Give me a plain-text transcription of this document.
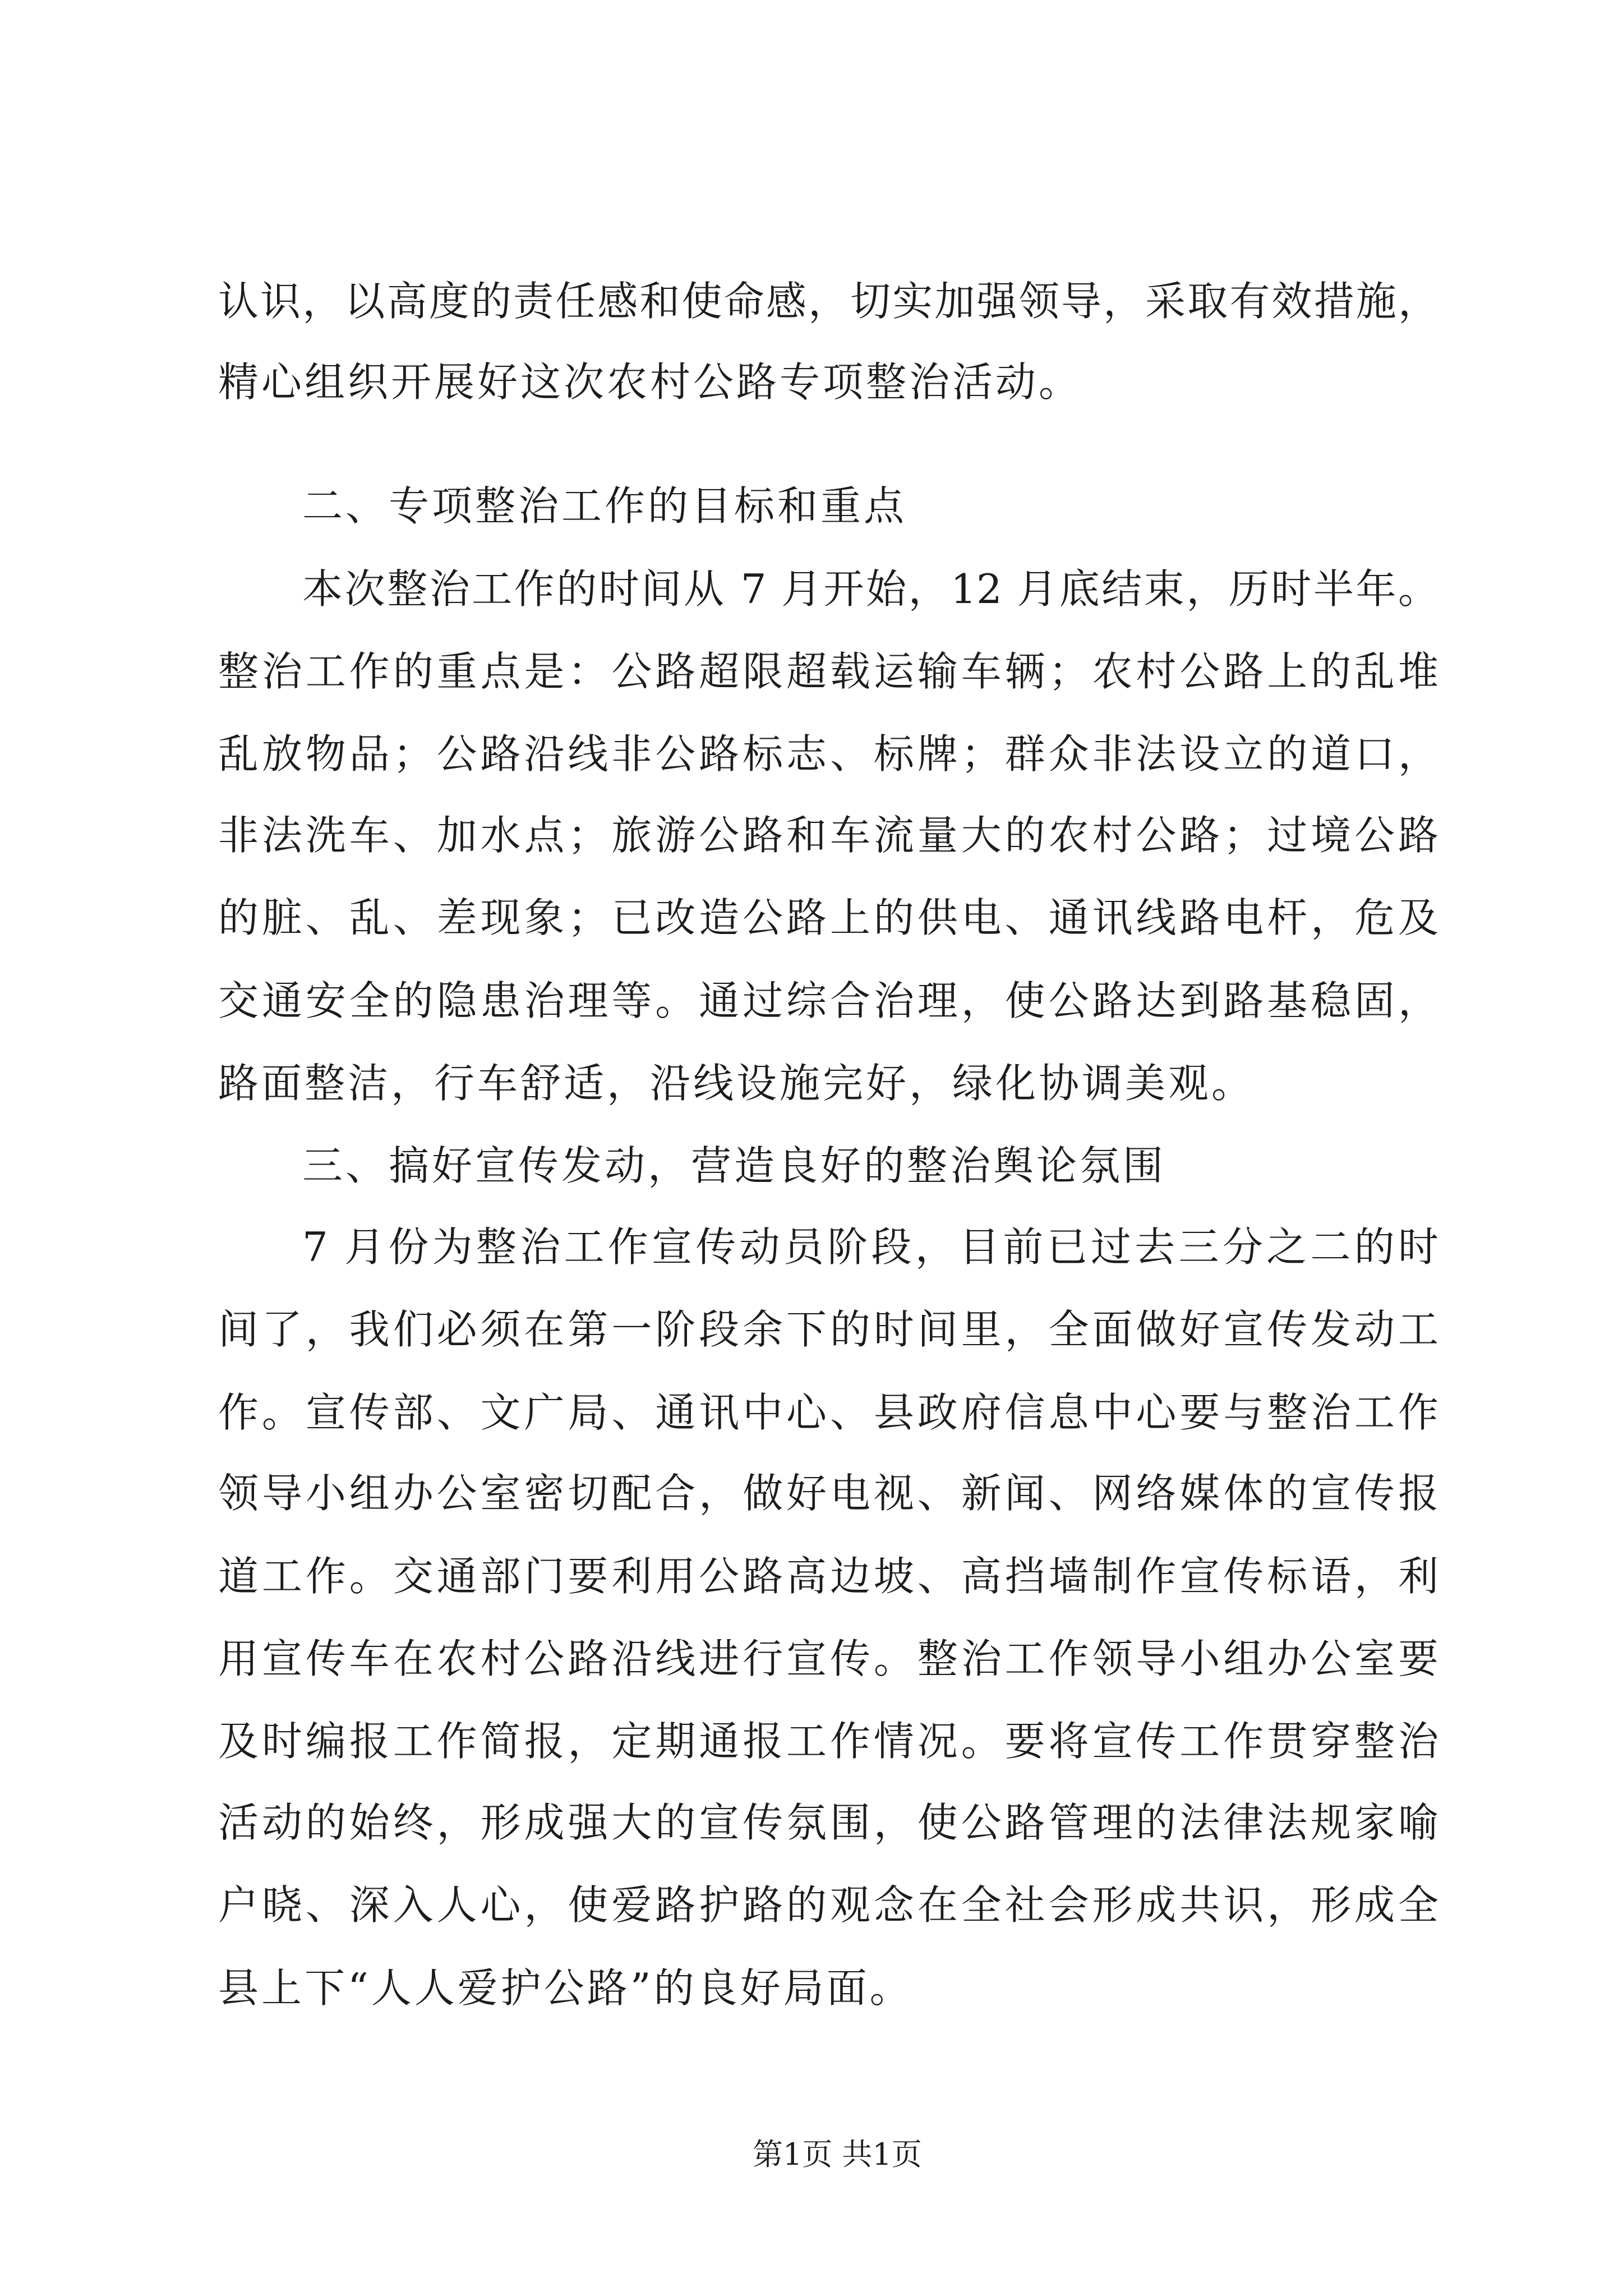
认识，以高度的责任感和使命感，切实加强领导，采取有效措施，
精心组织开展好这次农村公路专项整治活动。
二、专项整治工作的目标和重点
本次整治工作的时间从 7 月开始，12 月底结束，历时半年。
整治工作的重点是：公路超限超载运输车辆；农村公路上的乱堆
乱放物品；公路沿线非公路标志、标牌；群众非法设立的道口，
非法洗车、加水点；旅游公路和车流量大的农村公路；过境公路
的脏、乱、差现象；已改造公路上的供电、通讯线路电杆，危及
交通安全的隐患治理等。通过综合治理，使公路达到路基稳固，
路面整洁，行车舒适，沿线设施完好，绿化协调美观。
三、搞好宣传发动，营造良好的整治舆论氛围
7 月份为整治工作宣传动员阶段，目前已过去三分之二的时
间了，我们必须在第一阶段余下的时间里，全面做好宣传发动工
作。宣传部、文广局、通讯中心、县政府信息中心要与整治工作
领导小组办公室密切配合，做好电视、新闻、网络媒体的宣传报
道工作。交通部门要利用公路高边坡、高挡墙制作宣传标语，利
用宣传车在农村公路沿线进行宣传。整治工作领导小组办公室要
及时编报工作简报，定期通报工作情况。要将宣传工作贯穿整治
活动的始终，形成强大的宣传氛围，使公路管理的法律法规家喻
户晓、深入人心，使爱路护路的观念在全社会形成共识，形成全
县上下“人人爱护公路”的良好局面。
第1页 共1页
